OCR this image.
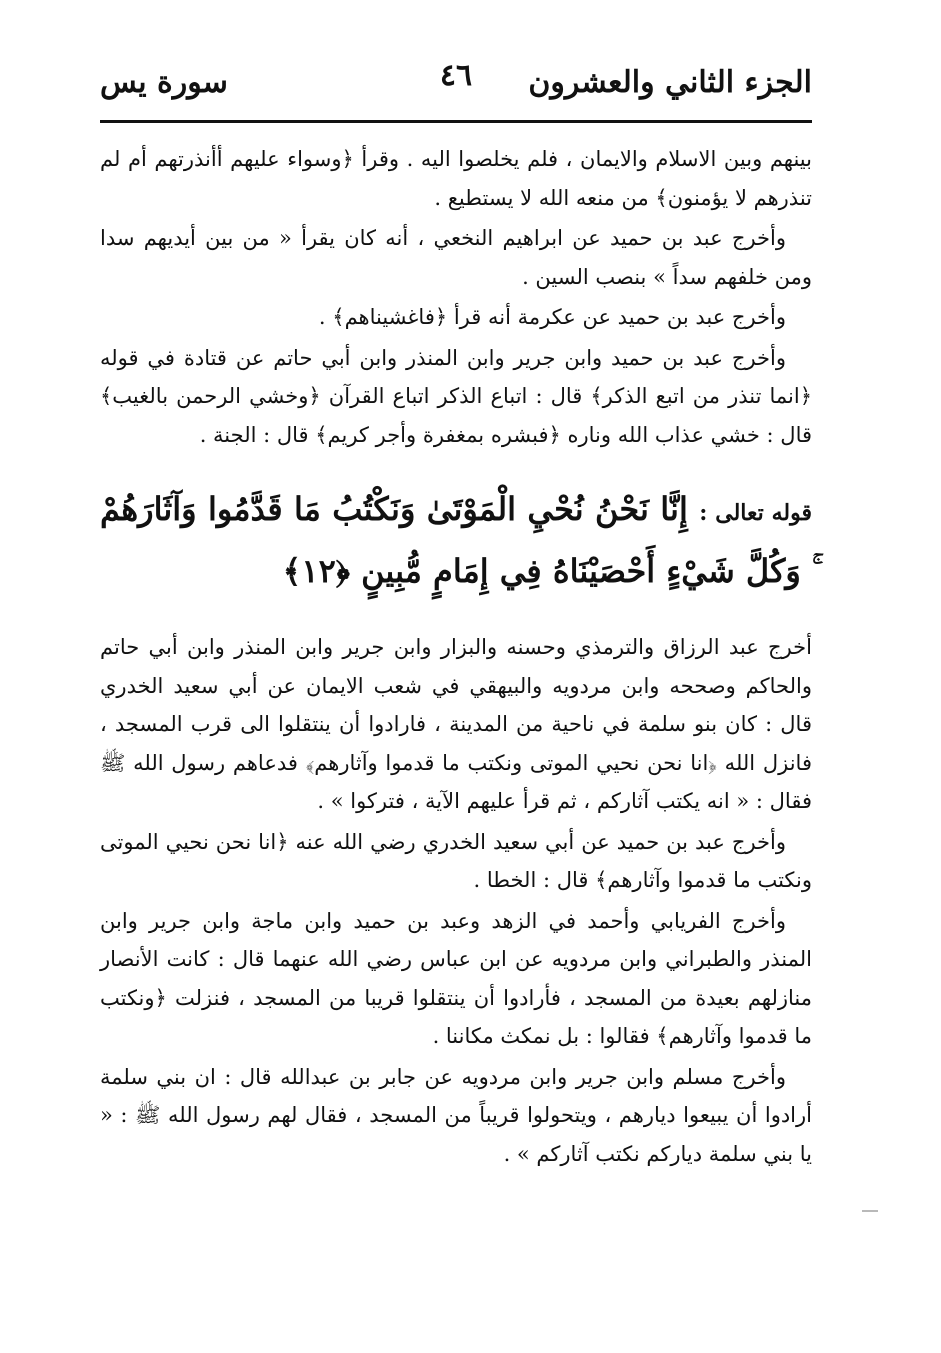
الجزء الثاني والعشرون
٤٦
سورة يس

بينهم وبين الاسلام والايمان ، فلم يخلصوا اليه . وقرأ ﴿وسواء عليهم أأنذرتهم أم لم تنذرهم لا يؤمنون﴾ من منعه الله لا يستطيع .

وأخرج عبد بن حميد عن ابراهيم النخعي ، أنه كان يقرأ « من بين أيديهم سدا ومن خلفهم سداً » بنصب السين .

وأخرج عبد بن حميد عن عكرمة أنه قرأ ﴿فاغشيناهم﴾ .

وأخرج عبد بن حميد وابن جرير وابن المنذر وابن أبي حاتم عن قتادة في قوله ﴿انما تنذر من اتبع الذكر﴾ قال : اتباع الذكر اتباع القرآن ﴿وخشي الرحمن بالغيب﴾ قال : خشي عذاب الله وناره ﴿فبشره بمغفرة وأجر كريم﴾ قال : الجنة .

قوله تعالى : إِنَّا نَحْنُ نُحْيِ الْمَوْتَىٰ وَنَكْتُبُ مَا قَدَّمُوا وَآثَارَهُمْ ۚ وَكُلَّ شَيْءٍ أَحْصَيْنَاهُ فِي إِمَامٍ مُّبِينٍ ﴿١٢﴾

أخرج عبد الرزاق والترمذي وحسنه والبزار وابن جرير وابن المنذر وابن أبي حاتم والحاكم وصححه وابن مردويه والبيهقي في شعب الايمان عن أبي سعيد الخدري قال : كان بنو سلمة في ناحية من المدينة ، فارادوا أن ينتقلوا الى قرب المسجد ، فانزل الله ﴿انا نحن نحيي الموتى ونكتب ما قدموا وآثارهم﴾ فدعاهم رسول الله ﷺ فقال : « انه يكتب آثاركم ، ثم قرأ عليهم الآية ، فتركوا » .

وأخرج عبد بن حميد عن أبي سعيد الخدري رضي الله عنه ﴿انا نحن نحيي الموتى ونكتب ما قدموا وآثارهم﴾ قال : الخطا .

وأخرج الفريابي وأحمد في الزهد وعبد بن حميد وابن ماجة وابن جرير وابن المنذر والطبراني وابن مردويه عن ابن عباس رضي الله عنهما قال : كانت الأنصار منازلهم بعيدة من المسجد ، فأرادوا أن ينتقلوا قريبا من المسجد ، فنزلت ﴿ونكتب ما قدموا وآثارهم﴾ فقالوا : بل نمكث مكاننا .

وأخرج مسلم وابن جرير وابن مردويه عن جابر بن عبدالله قال : ان بني سلمة أرادوا أن يبيعوا ديارهم ، ويتحولوا قريباً من المسجد ، فقال لهم رسول الله ﷺ : « يا بني سلمة دياركم نكتب آثاركم » .
